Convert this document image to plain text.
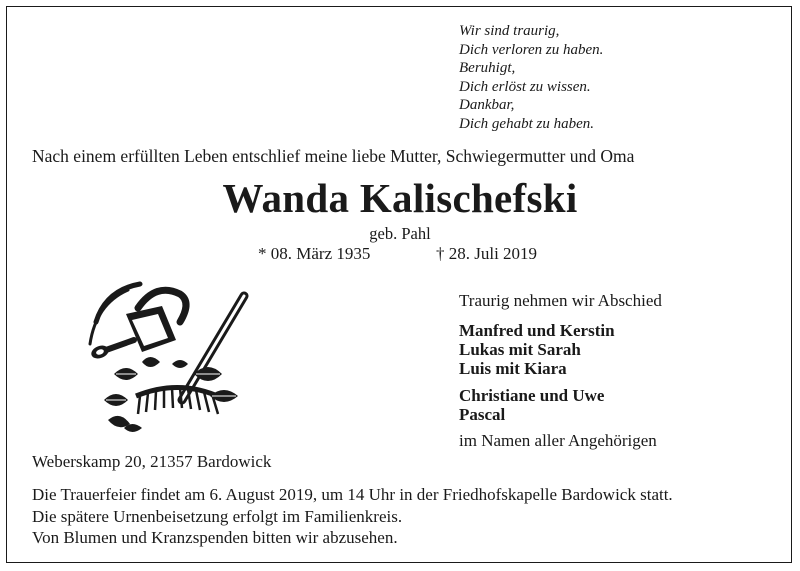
Wir sind traurig,
Dich verloren zu haben.
Beruhigt,
Dich erlöst zu wissen.
Dankbar,
Dich gehabt zu haben.
Nach einem erfüllten Leben entschlief meine liebe Mutter, Schwiegermutter und Oma
Wanda Kalischefski
geb. Pahl
* 08. März 1935	† 28. Juli 2019
Traurig nehmen wir Abschied
Manfred und Kerstin
Lukas mit Sarah
Luis mit Kiara
Christiane und Uwe
Pascal
im Namen aller Angehörigen
Weberskamp 20, 21357 Bardowick
Die Trauerfeier findet am 6. August 2019, um 14 Uhr in der Friedhofskapelle Bardowick statt.
Die spätere Urnenbeisetzung erfolgt im Familienkreis.
Von Blumen und Kranzspenden bitten wir abzusehen.
